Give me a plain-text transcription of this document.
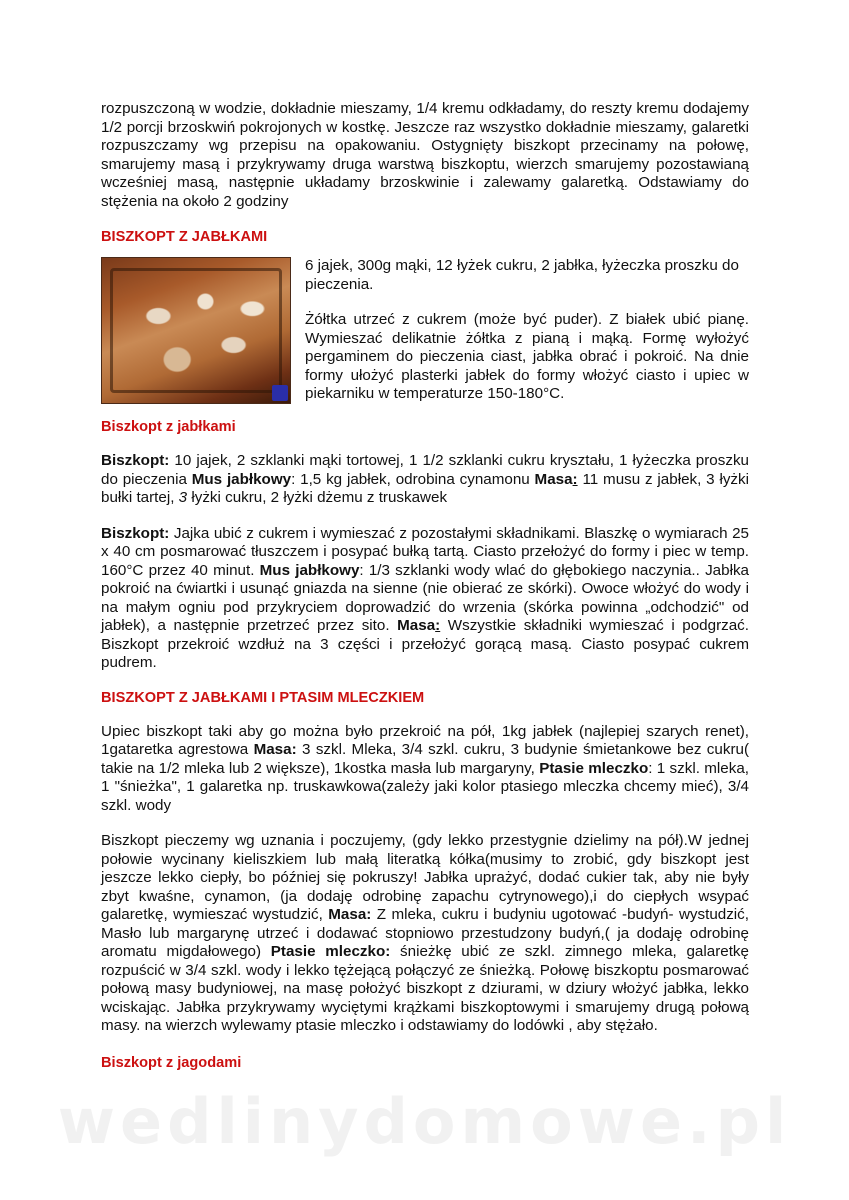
wedlinydomowe.pl

rozpuszczoną w wodzie, dokładnie mieszamy, 1/4 kremu odkładamy, do reszty kremu dodajemy 1/2 porcji brzoskwiń pokrojonych w kostkę. Jeszcze raz wszystko dokładnie mieszamy, galaretki rozpuszczamy wg przepisu na opakowaniu. Ostygnięty biszkopt przecinamy na połowę, smarujemy masą i przykrywamy druga warstwą biszkoptu, wierzch smarujemy pozostawianą wcześniej masą, następnie układamy brzoskwinie i zalewamy galaretką. Odstawiamy do stężenia na około 2 godziny

BISZKOPT Z JABŁKAMI

6 jajek, 300g mąki, 12 łyżek cukru, 2 jabłka, łyżeczka proszku do pieczenia.

Żółtka utrzeć z cukrem (może być puder). Z białek ubić pianę. Wymieszać delikatnie żółtka z pianą i mąką. Formę wyłożyć pergaminem do pieczenia ciast, jabłka obrać i pokroić. Na dnie formy ułożyć plasterki jabłek do formy włożyć ciasto i upiec w piekarniku w temperaturze 150-180°C.

Biszkopt z jabłkami

Biszkopt: 10 jajek, 2 szklanki mąki tortowej, 1 1/2 szklanki cukru kryształu, 1 łyżeczka proszku do pieczenia Mus jabłkowy: 1,5 kg jabłek, odrobina cynamonu Masa: 11 musu z jabłek, 3 łyżki bułki tartej, 3 łyżki cukru, 2 łyżki dżemu z truskawek

Biszkopt: Jajka ubić z cukrem i wymieszać z pozostałymi składnikami. Blaszkę o wymiarach 25 x 40 cm posmarować tłuszczem i posypać bułką tartą. Ciasto przełożyć do formy i piec w temp. 160°C przez 40 minut. Mus jabłkowy: 1/3 szklanki wody wlać do głębokiego naczynia.. Jabłka pokroić na ćwiartki i usunąć gniazda na sienne (nie obierać ze skórki). Owoce włożyć do wody i na małym ogniu pod przykryciem doprowadzić do wrzenia (skórka powinna „odchodzić" od jabłek), a następnie przetrzeć przez sito. Masa: Wszystkie składniki wymieszać i podgrzać. Biszkopt przekroić wzdłuż na 3 części i przełożyć gorącą masą. Ciasto posypać cukrem pudrem.

BISZKOPT Z JABŁKAMI I PTASIM MLECZKIEM

Upiec biszkopt taki aby go można było przekroić na pół, 1kg jabłek (najlepiej szarych renet), 1gataretka agrestowa Masa: 3 szkl. Mleka, 3/4 szkl. cukru, 3 budynie śmietankowe bez cukru( takie na 1/2 mleka lub 2 większe), 1kostka masła lub margaryny, Ptasie mleczko: 1 szkl. mleka, 1 "śnieżka", 1 galaretka np. truskawkowa(zależy jaki kolor ptasiego mleczka chcemy mieć), 3/4 szkl. wody

Biszkopt pieczemy wg uznania i poczujemy, (gdy lekko przestygnie dzielimy na pół).W jednej połowie wycinany kieliszkiem lub małą literatką kółka(musimy to zrobić, gdy biszkopt jest jeszcze lekko ciepły, bo później się pokruszy! Jabłka uprażyć, dodać cukier tak, aby nie były zbyt kwaśne, cynamon, (ja dodaję odrobinę zapachu cytrynowego),i do ciepłych wsypać galaretkę, wymieszać wystudzić, Masa: Z mleka, cukru i budyniu ugotować -budyń- wystudzić, Masło lub margarynę utrzeć i dodawać stopniowo przestudzony budyń,( ja dodaję odrobinę aromatu migdałowego) Ptasie mleczko: śnieżkę ubić ze szkl. zimnego mleka, galaretkę rozpuścić w 3/4 szkl. wody i lekko tężejącą połączyć ze śnieżką. Połowę biszkoptu posmarować połową masy budyniowej, na masę położyć biszkopt z dziurami, w dziury włożyć jabłka, lekko wciskając. Jabłka przykrywamy wyciętymi krążkami biszkoptowymi i smarujemy drugą połową masy. na wierzch wylewamy ptasie mleczko i odstawiamy do lodówki , aby stężało.

Biszkopt z jagodami
